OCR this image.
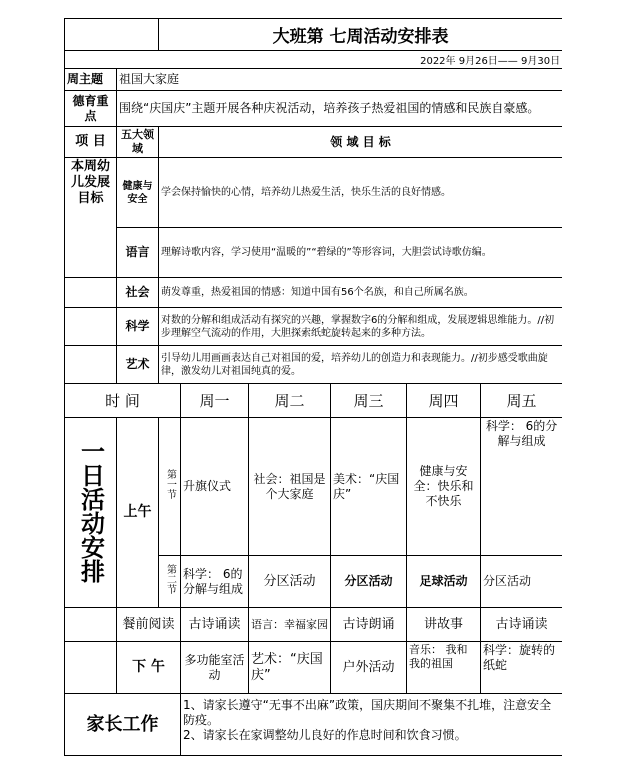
		大班第 七周活动安排表					
2022年 9月26日—— 9月30日							
周主题	祖国大家庭						
德育重点	围绕“庆国庆”主题开展各种庆祝活动，培养孩子热爱祖国的情感和民族自豪感。						
项 目	五大领域	领 域 目 标					
本周幼儿发展目标	健康与安全	学会保持愉快的心情，培养幼儿热爱生活，快乐生活的良好情感。					
	语言	理解诗歌内容，学习使用“温暖的”“碧绿的”等形容词，大胆尝试诗歌仿编。					
	社会	萌发尊重，热爱祖国的情感：知道中国有56个名族，和自己所属名族。					
	科学	对数的分解和组成活动有探究的兴趣，掌握数字6的分解和组成，发展逻辑思维能力。//初步理解空气流动的作用，大胆探索纸蛇旋转起来的多种方法。					
	艺术	引导幼儿用画画表达自己对祖国的爱，培养幼儿的创造力和表现能力。//初步感受歌曲旋律，激发幼儿对祖国纯真的爱。					
时 间			周一	周二	周三	周四	周五
一日活动安排	上午	第一节	升旗仪式	社会：祖国是个大家庭	美术：“庆国庆”	健康与安全：快乐和不快乐	科学： 6的分解与组成
		第二节	科学： 6的分解与组成	分区活动	分区活动	足球活动	分区活动
	餐前阅读		古诗诵读	语言：幸福家园	古诗朗诵	讲故事	古诗诵读
	下 午		多功能室活动	艺术：“庆国庆”	户外活动	音乐： 我和我的祖国	科学：旋转的纸蛇
家长工作			1、请家长遵守“无事不出麻”政策，国庆期间不聚集不扎堆，注意安全防疫。
2、请家长在家调整幼儿良好的作息时间和饮食习惯。				
